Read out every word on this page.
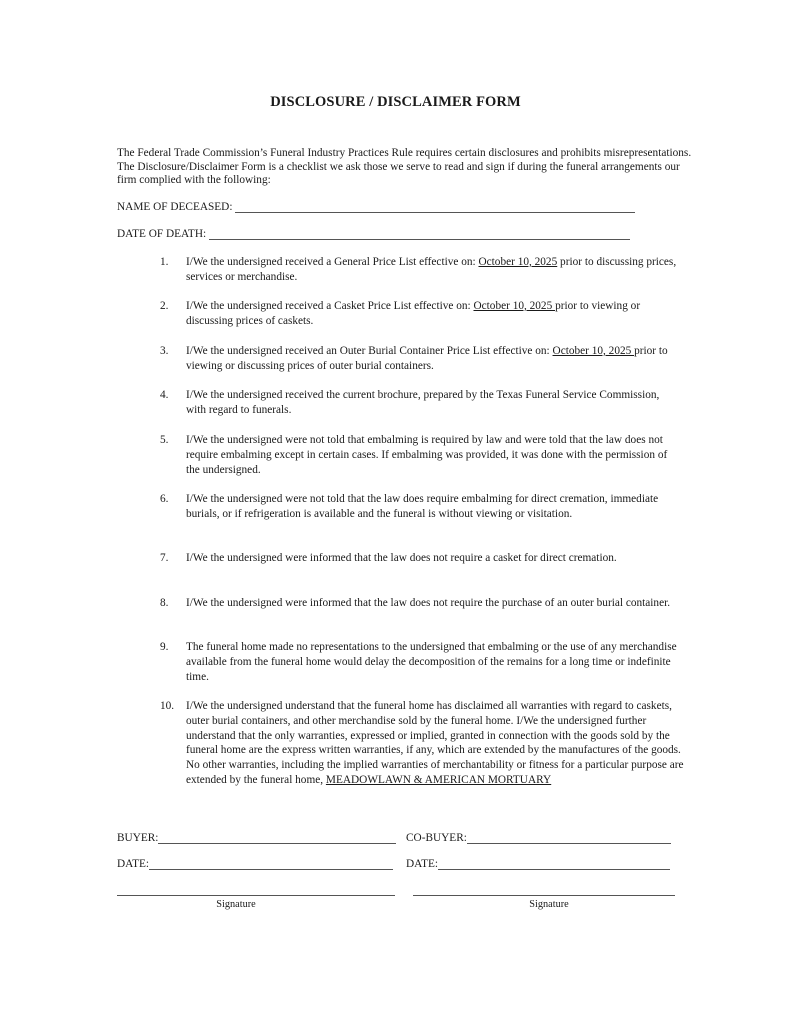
DISCLOSURE / DISCLAIMER FORM
The Federal Trade Commission’s Funeral Industry Practices Rule requires certain disclosures and prohibits misrepresentations. The Disclosure/Disclaimer Form is a checklist we ask those we serve to read and sign if during the funeral arrangements our firm complied with the following:
NAME OF DECEASED:
DATE OF DEATH:
1.	I/We the undersigned received a General Price List effective on: October 10, 2025 prior to discussing prices, services or merchandise.
2.	I/We the undersigned received a Casket Price List effective on: October 10, 2025 prior to viewing or discussing prices of caskets.
3.	I/We the undersigned received an Outer Burial Container Price List effective on: October 10, 2025 prior to viewing or discussing prices of outer burial containers.
4.	I/We the undersigned received the current brochure, prepared by the Texas Funeral Service Commission, with regard to funerals.
5.	I/We the undersigned were not told that embalming is required by law and were told that the law does not require embalming except in certain cases. If embalming was provided, it was done with the permission of the undersigned.
6.	I/We the undersigned were not told that the law does require embalming for direct cremation, immediate burials, or if refrigeration is available and the funeral is without viewing or visitation.
7.	I/We the undersigned were informed that the law does not require a casket for direct cremation.
8.	I/We the undersigned were informed that the law does not require the purchase of an outer burial container.
9.	The funeral home made no representations to the undersigned that embalming or the use of any merchandise available from the funeral home would delay the decomposition of the remains for a long time or indefinite time.
10.	I/We the undersigned understand that the funeral home has disclaimed all warranties with regard to caskets, outer burial containers, and other merchandise sold by the funeral home. I/We the undersigned further understand that the only warranties, expressed or implied, granted in connection with the goods sold by the funeral home are the express written warranties, if any, which are extended by the manufactures of the goods. No other warranties, including the implied warranties of merchantability or fitness for a particular purpose are extended by the funeral home, MEADOWLAWN & AMERICAN MORTUARY
BUYER:	CO-BUYER:
DATE:	DATE:
Signature	Signature
